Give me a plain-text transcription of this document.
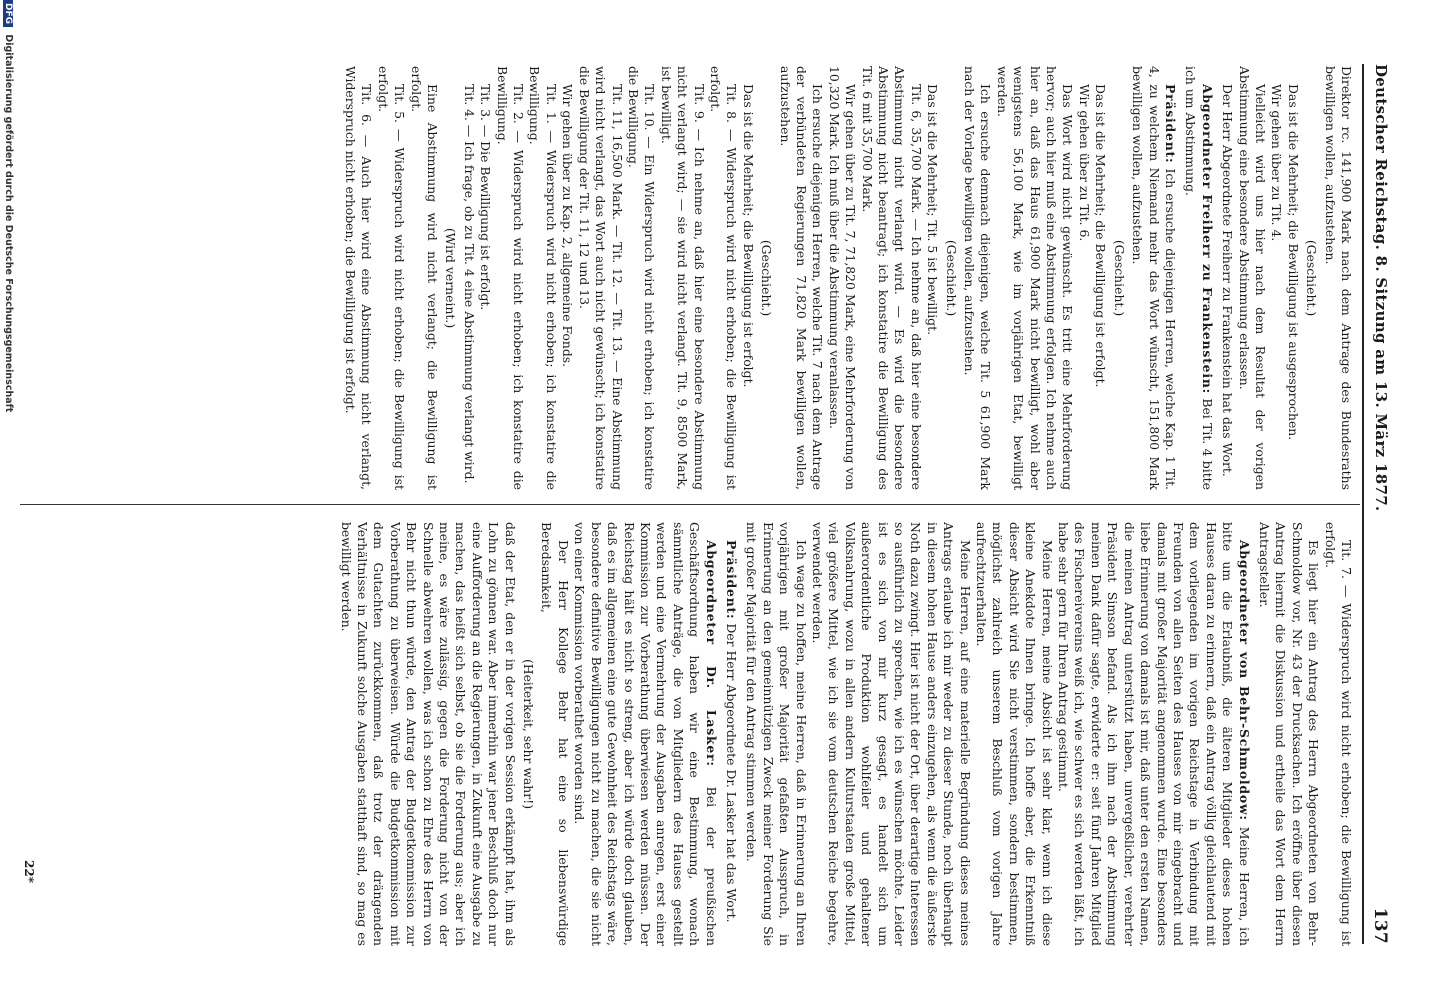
Deutscher Reichstag. 8. Sitzung am 13. März 1877.
137

Direktor rc. 141,900 Mark nach dem Antrage des Bundesraths bewilligen wollen, aufzustehen.

(Geschieht.)

Das ist die Mehrheit; die Bewilligung ist ausgesprochen.

Wir gehen über zu Tit. 4.

Vielleicht wird uns hier nach dem Resultat der vorigen Abstimmung eine besondere Abstimmung erlassen.

Der Herr Abgeordnete Freiherr zu Frankenstein hat das Wort.

Abgeordneter Freiherr zu Frankenstein: Bei Tit. 4 bitte ich um Abstimmung.

Präsident: Ich ersuche diejenigen Herren, welche Kap. 1 Tit. 4, zu welchem Niemand mehr das Wort wünscht, 151,800 Mark bewilligen wollen, aufzustehen.

(Geschieht.)

Das ist die Mehrheit; die Bewilligung ist erfolgt.

Wir gehen über zu Tit. 6.

Das Wort wird nicht gewünscht. Es tritt eine Mehrforderung hervor; auch hier muß eine Abstimmung erfolgen. Ich nehme auch hier an, daß das Haus 61,900 Mark nicht bewilligt, wohl aber wenigstens 56,100 Mark, wie im vorjährigen Etat, bewilligt werden.

Ich ersuche demnach diejenigen, welche Tit. 5 61,900 Mark nach der Vorlage bewilligen wollen, aufzustehen.

(Geschieht.)

Das ist die Mehrheit; Tit. 5 ist bewilligt.

Tit. 6, 35,700 Mark. — Ich nehme an, daß hier eine besondere Abstimmung nicht verlangt wird. — Es wird die besondere Abstimmung nicht beantragt; ich konstatire die Bewilligung des Tit. 6 mit 35,700 Mark.

Wir gehen über zu Tit. 7, 71,820 Mark, eine Mehrforderung von 10,320 Mark. Ich muß über die Abstimmung veranlassen.

Ich ersuche diejenigen Herren, welche Tit. 7 nach dem Antrage der verbündeten Regierungen 71,820 Mark bewilligen wollen, aufzustehen.

(Geschieht.)

Das ist die Mehrheit; die Bewilligung ist erfolgt.

Tit. 8. — Widerspruch wird nicht erhoben; die Bewilligung ist erfolgt.

Tit. 9. — Ich nehme an, daß hier eine besondere Abstimmung nicht verlangt wird; — sie wird nicht verlangt. Tit. 9, 8500 Mark, ist bewilligt.

Tit. 10. — Ein Widerspruch wird nicht erhoben; ich konstatire die Bewilligung.

Tit. 11, 16,500 Mark. — Tit. 12. — Tit. 13. — Eine Abstimmung wird nicht verlangt, das Wort auch nicht gewünscht; ich konstatire die Bewilligung der Tit. 11, 12 und 13.

Wir gehen über zu Kap. 2, allgemeine Fonds.

Tit. 1. — Widerspruch wird nicht erhoben; ich konstatire die Bewilligung.

Tit. 2. — Widerspruch wird nicht erhoben; ich konstatire die Bewilligung.

Tit. 3. — Die Bewilligung ist erfolgt.

Tit. 4. — Ich frage, ob zu Tit. 4 eine Abstimmung verlangt wird.

(Wird verneint.)

Eine Abstimmung wird nicht verlangt; die Bewilligung ist erfolgt.

Tit. 5. — Widerspruch wird nicht erhoben; die Bewilligung ist erfolgt.

Tit. 6. — Auch hier wird eine Abstimmung nicht verlangt, Widerspruch nicht erhoben; die Bewilligung ist erfolgt.

Tit. 7. — Widerspruch wird nicht erhoben; die Bewilligung ist erfolgt.

Es liegt hier ein Antrag des Herrn Abgeordneten von Behr-Schmoldow vor, Nr. 43 der Drucksachen. Ich eröffne über diesen Antrag hiermit die Diskussion und ertheile das Wort dem Herrn Antragsteller.

Abgeordneter von Behr-Schmoldow: Meine Herren, ich bitte um die Erlaubniß, die älteren Mitglieder dieses hohen Hauses daran zu erinnern, daß ein Antrag völlig gleichlautend mit dem vorliegenden im vorigen Reichstage in Verbindung mit Freunden von allen Seiten des Hauses von mir eingebracht und damals mit großer Majorität angenommen wurde. Eine besonders liebe Erinnerung von damals ist mir, daß unter den ersten Namen, die meinen Antrag unterstützt haben, unvergeßlicher, verehrter Präsident Simson befand. Als ich ihm nach der Abstimmung meinen Dank dafür sagte, erwiderte er: seit fünf Jahren Mitglied des Fischereivereins weiß ich, wie schwer es sich werden läßt, ich habe sehr gern für Ihren Antrag gestimmt.

Meine Herren, meine Absicht ist sehr klar, wenn ich diese kleine Anekdote Ihnen bringe. Ich hoffe aber, die Erkenntniß dieser Absicht wird Sie nicht verstimmen, sondern bestimmen, möglichst zahlreich unserem Beschluß vom vorigen Jahre aufrechtzuerhalten.

Meine Herren, auf eine materielle Begründung dieses meines Antrags erlaube ich mir weder zu dieser Stunde, noch überhaupt in diesem hohen Hause anders einzugehen, als wenn die äußerste Noth dazu zwingt. Hier ist nicht der Ort, über derartige Interessen so ausführlich zu sprechen, wie ich es wünschen möchte. Leider ist es sich von mir kurz gesagt, es handelt sich um außerordentliche Produktion wohlfeiler und gehaltener Volksnahrung, wozu in allen andern Kulturstaaten große Mittel, viel größere Mittel, wie ich sie vom deutschen Reiche begehre, verwendet werden.

Ich wage zu hoffen, meine Herren, daß in Erinnerung an Ihren vorjährigen mit großer Majorität gefaßten Ausspruch, in Erinnerung an den gemeinnützigen Zweck meiner Forderung Sie mit großer Majorität für den Antrag stimmen werden.

Präsident: Der Herr Abgeordnete Dr. Lasker hat das Wort.

Abgeordneter Dr. Lasker: Bei der preußischen Geschäftsordnung haben wir eine Bestimmung, wonach sämmtliche Anträge, die von Mitgliedern des Hauses gestellt werden und eine Vermehrung der Ausgaben anregen, erst einer Kommission zur Vorberathung überwiesen werden müssen. Der Reichstag hält es nicht so streng, aber ich würde doch glauben, daß es im allgemeinen eine gute Gewohnheit des Reichstags wäre, besondere definitive Bewilligungen nicht zu machen, die sie nicht von einer Kommission vorberathet worden sind.

Der Herr Kollege Behr hat eine so liebenswürdige Beredsamkeit,

(Heiterkeit, sehr wahr!)

daß der Etat, den er in der vorigen Session erkämpft hat, ihm als Lohn zu gönnen war. Aber immerhin war jener Beschluß doch nur eine Aufforderung an die Regierungen, in Zukunft eine Ausgabe zu machen, das heißt sich selbst, ob sie die Forderung aus; aber ich meine, es wäre zulässig, gegen die Forderung nicht von der Schnelle abwehren wollen, was ich schon zu Ehre des Herrn von Behr nicht thun würde, den Antrag der Budgetkommission zur Vorberathung zu überweisen. Würde die Budgetkommission mit dem Gutachten zurückkommen, daß trotz der drängenden Verhältnisse in Zukunft solche Ausgaben statthaft sind, so mag es bewilligt werden.

22*
DFG Digitalisierung gefördert durch die Deutsche Forschungsgemeinschaft
